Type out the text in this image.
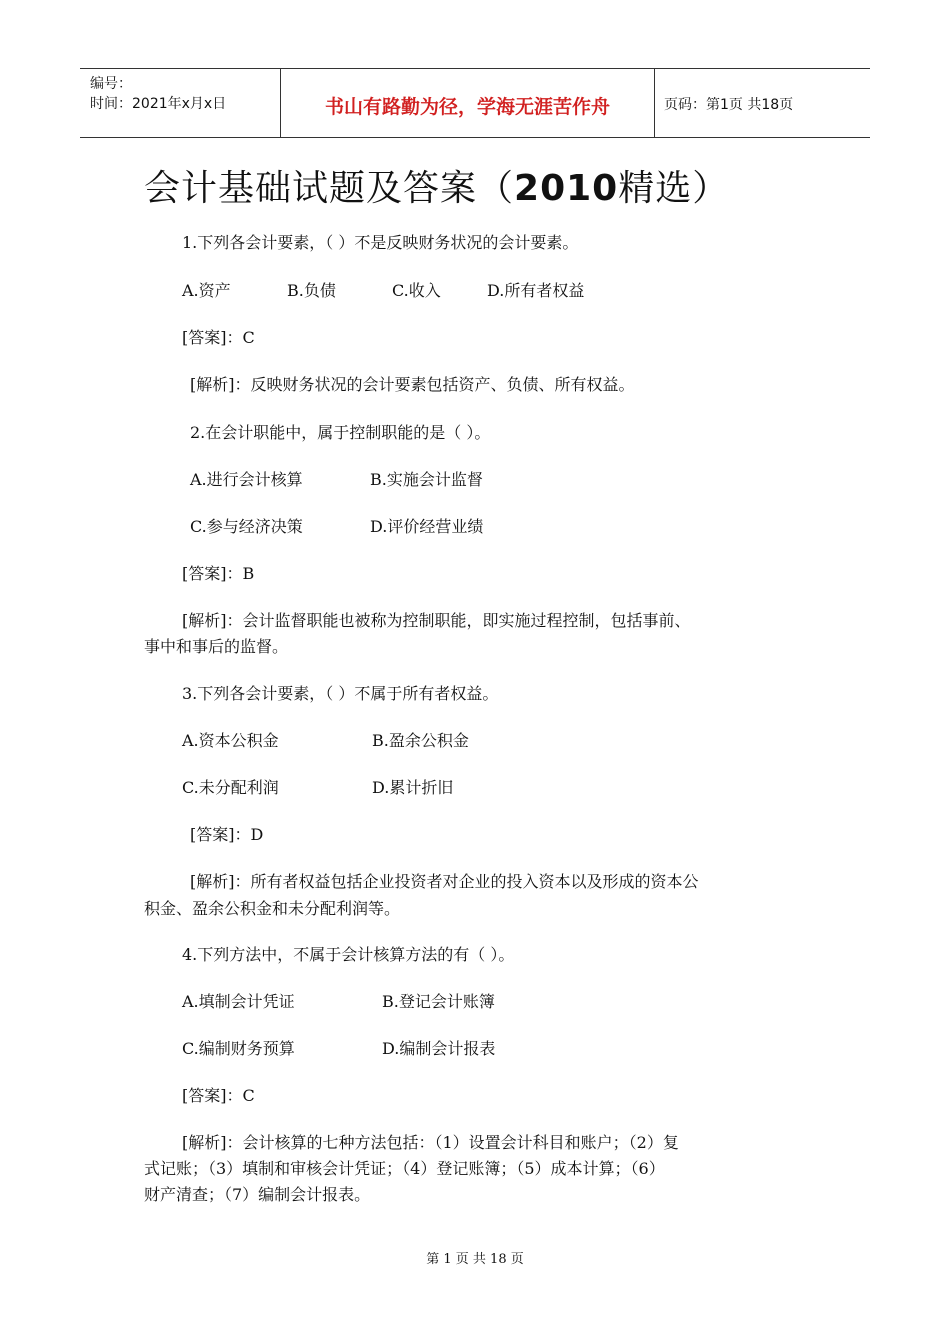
编号：
时间：2021年x月x日	书山有路勤为径，学海无涯苦作舟	页码：第1页 共18页
会计基础试题及答案（2010精选）
1.下列各会计要素，（ ）不是反映财务状况的会计要素。
A.资产	B.负债	C.收入	D.所有者权益
[答案]：C
[解析]：反映财务状况的会计要素包括资产、负债、所有权益。
2.在会计职能中，属于控制职能的是（ ）。
A.进行会计核算	B.实施会计监督
C.参与经济决策	D.评价经营业绩
[答案]：B
[解析]：会计监督职能也被称为控制职能，即实施过程控制，包括事前、
事中和事后的监督。
3.下列各会计要素，（ ）不属于所有者权益。
A.资本公积金	B.盈余公积金
C.未分配利润	D.累计折旧
[答案]：D
[解析]：所有者权益包括企业投资者对企业的投入资本以及形成的资本公
积金、盈余公积金和未分配利润等。
4.下列方法中，不属于会计核算方法的有（ ）。
A.填制会计凭证	B.登记会计账簿
C.编制财务预算	D.编制会计报表
[答案]：C
[解析]：会计核算的七种方法包括：（1）设置会计科目和账户；（2）复
式记账；（3）填制和审核会计凭证；（4）登记账簿；（5）成本计算；（6）
财产清查；（7）编制会计报表。
第 1 页 共 18 页
